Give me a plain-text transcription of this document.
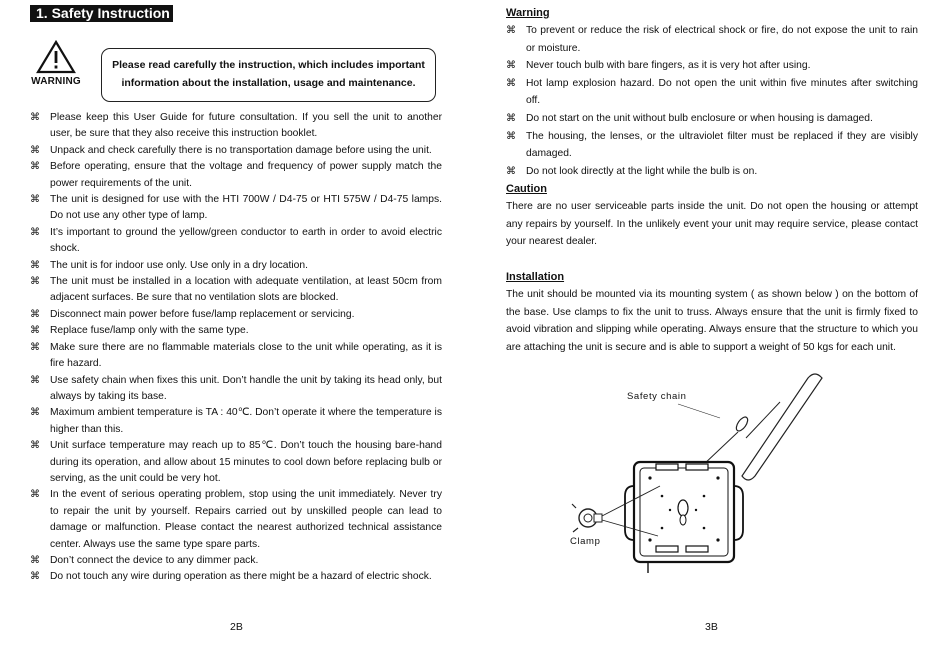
1. Safety Instruction
WARNING
Please read carefully the instruction, which includes important
information about the installation, usage and maintenance.
⌘ Please keep this User Guide for future consultation. If you sell the unit to another user, be sure that they also receive this instruction booklet.
⌘ Unpack and check carefully there is no transportation damage before using the unit.
⌘ Before operating, ensure that the voltage and frequency of power supply match the power requirements of the unit.
⌘ The unit is designed for use with the HTI 700W / D4-75 or HTI 575W / D4-75 lamps. Do not use any other type of lamp.
⌘ It’s important to ground the yellow/green conductor to earth in order to avoid electric shock.
⌘ The unit is for indoor use only. Use only in a dry location.
⌘ The unit must be installed in a location with adequate ventilation, at least 50cm from adjacent surfaces. Be sure that no ventilation slots are blocked.
⌘ Disconnect main power before fuse/lamp replacement or servicing.
⌘ Replace fuse/lamp only with the same type.
⌘ Make sure there are no flammable materials close to the unit while operating, as it is fire hazard.
⌘ Use safety chain when fixes this unit. Don’t handle the unit by taking its head only, but always by taking its base.
⌘ Maximum ambient temperature is TA : 40℃. Don’t operate it where the temperature is higher than this.
⌘ Unit surface temperature may reach up to 85℃. Don’t touch the housing bare-hand during its operation, and allow about 15 minutes to cool down before replacing bulb or serving, as the unit could be very hot.
⌘ In the event of serious operating problem, stop using the unit immediately. Never try to repair the unit by yourself. Repairs carried out by unskilled people can lead to damage or malfunction. Please contact the nearest authorized technical assistance center. Always use the same type spare parts.
⌘ Don’t connect the device to any dimmer pack.
⌘ Do not touch any wire during operation as there might be a hazard of electric shock.
2B
Warning
⌘ To prevent or reduce the risk of electrical shock or fire, do not expose the unit to rain or moisture.
⌘ Never touch bulb with bare fingers, as it is very hot after using.
⌘ Hot lamp explosion hazard. Do not open the unit within five minutes after switching off.
⌘ Do not start on the unit without bulb enclosure or when housing is damaged.
⌘ The housing, the lenses, or the ultraviolet filter must be replaced if they are visibly damaged.
⌘ Do not look directly at the light while the bulb is on.
Caution
There are no user serviceable parts inside the unit. Do not open the housing or attempt any repairs by yourself. In the unlikely event your unit may require service, please contact your nearest dealer.
Installation
The unit should be mounted via its mounting system ( as shown below ) on the bottom of the base. Use clamps to fix the unit to truss. Always ensure that the unit is firmly fixed to avoid vibration and slipping while operating. Always ensure that the structure to which you are attaching the unit is secure and is able to support a weight of 50 kgs for each unit.
Safety chain
Clamp
3B
